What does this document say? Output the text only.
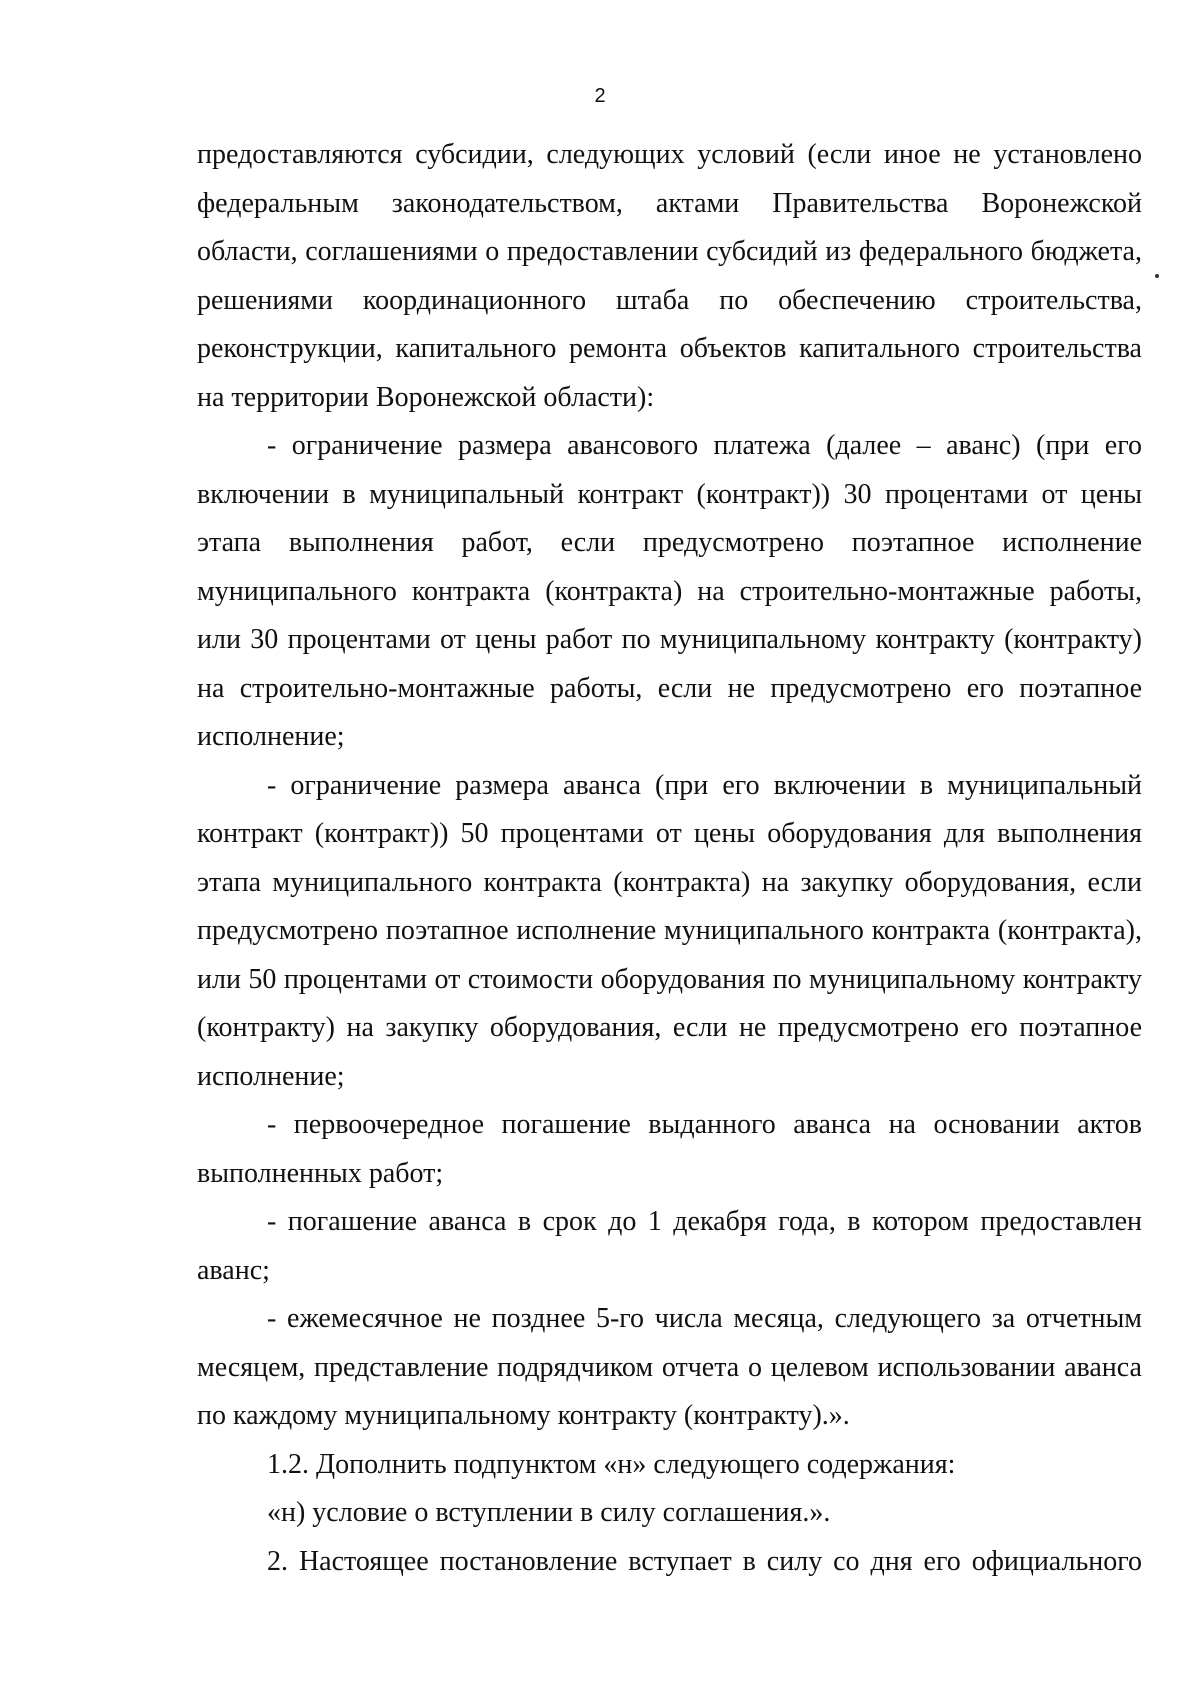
2

предоставляются субсидии, следующих условий (если иное не установлено федеральным законодательством, актами Правительства Воронежской области, соглашениями о предоставлении субсидий из федерального бюджета, решениями координационного штаба по обеспечению строительства, реконструкции, капитального ремонта объектов капитального строительства на территории Воронежской области):

- ограничение размера авансового платежа (далее – аванс) (при его включении в муниципальный контракт (контракт)) 30 процентами от цены этапа выполнения работ, если предусмотрено поэтапное исполнение муниципального контракта (контракта) на строительно-монтажные работы, или 30 процентами от цены работ по муниципальному контракту (контракту) на строительно-монтажные работы, если не предусмотрено его поэтапное исполнение;

- ограничение размера аванса (при его включении в муниципальный контракт (контракт)) 50 процентами от цены оборудования для выполнения этапа муниципального контракта (контракта) на закупку оборудования, если предусмотрено поэтапное исполнение муниципального контракта (контракта), или 50 процентами от стоимости оборудования по муниципальному контракту (контракту) на закупку оборудования, если не предусмотрено его поэтапное исполнение;

- первоочередное погашение выданного аванса на основании актов выполненных работ;

- погашение аванса в срок до 1 декабря года, в котором предоставлен аванс;

- ежемесячное не позднее 5-го числа месяца, следующего за отчетным месяцем, представление подрядчиком отчета о целевом использовании аванса по каждому муниципальному контракту (контракту).».

1.2. Дополнить подпунктом «н» следующего содержания:

«н) условие о вступлении в силу соглашения.».

2. Настоящее постановление вступает в силу со дня его официального
